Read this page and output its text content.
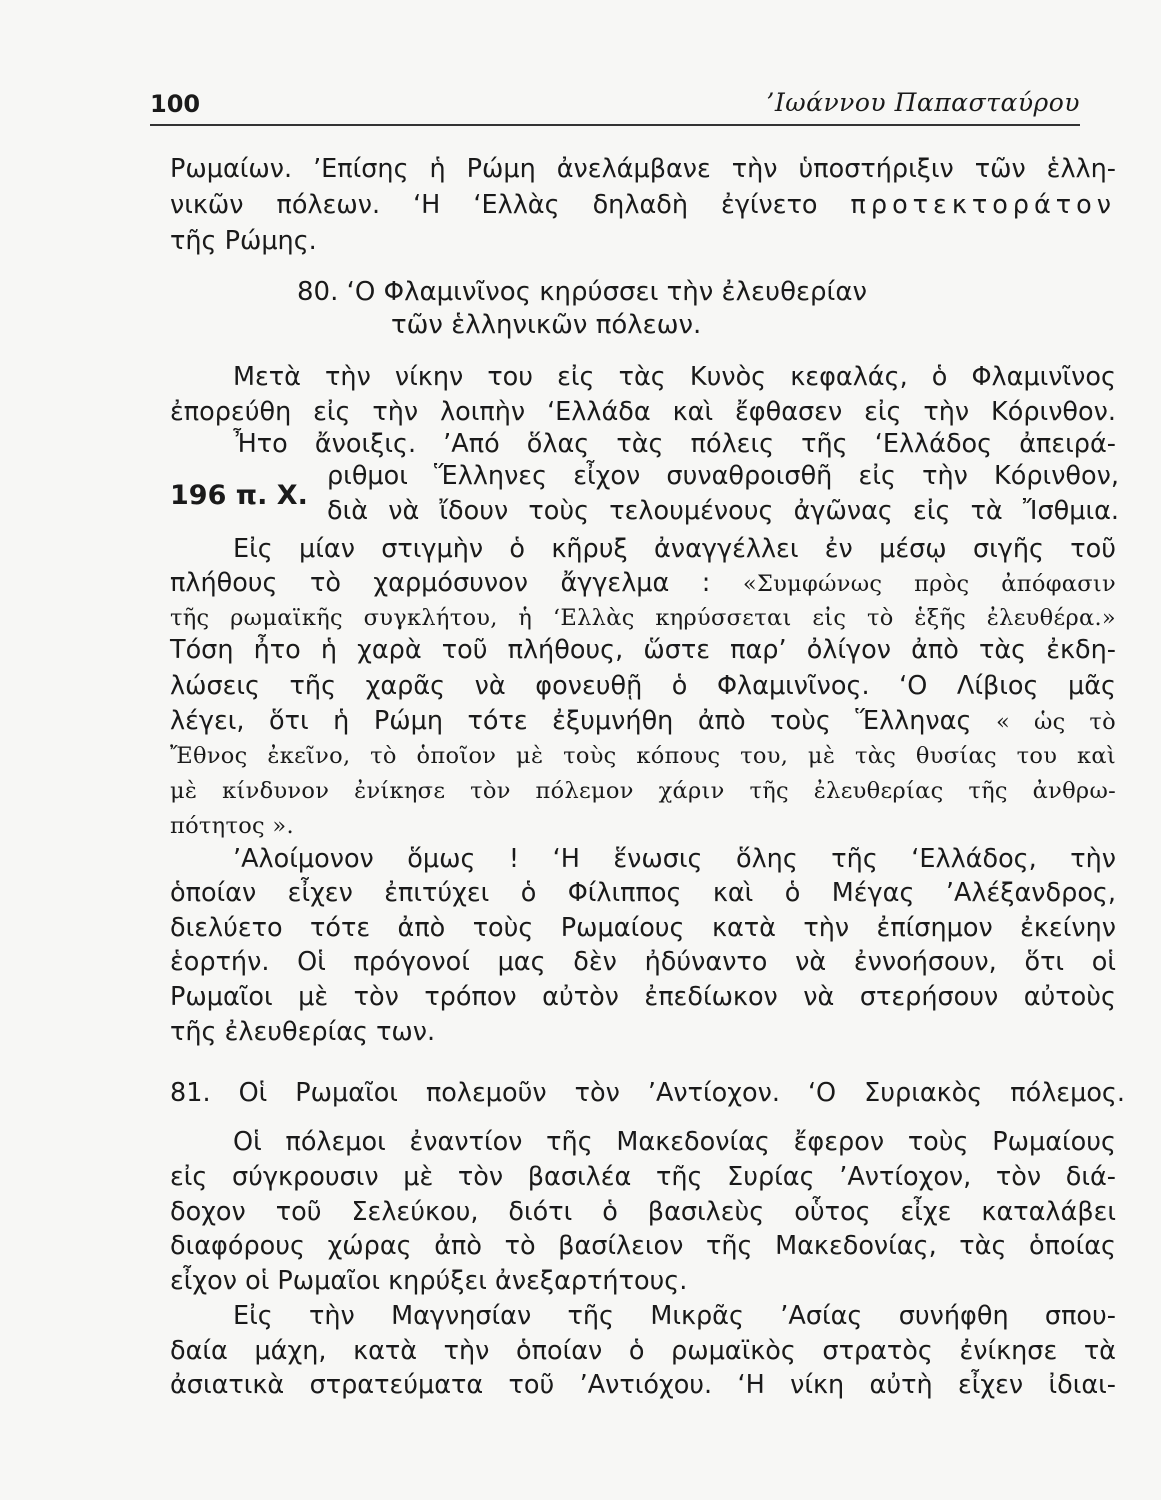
100	’Ιωάννου Παπασταύρου
196 π. Χ.
Ρωμαίων. ’Επίσης ἡ Ρώμη ἀνελάμβανε τὴν ὑποστήριξιν τῶν ἑλλη-
νικῶν πόλεων. ‘Η ‘Ελλὰς δηλαδὴ ἐγίνετο προτεκτοράτον
τῆς Ρώμης.
80. ‘Ο Φλαμινῖνος κηρύσσει τὴν ἐλευθερίαν
τῶν ἑλληνικῶν πόλεων.
Μετὰ τὴν νίκην του εἰς τὰς Κυνὸς κεφαλάς, ὁ Φλαμινῖνος
ἐπορεύθη εἰς τὴν λοιπὴν ‘Ελλάδα καὶ ἔφθασεν εἰς τὴν Κόρινθον.
Ἦτο ἄνοιξις. ’Από ὅλας τὰς πόλεις τῆς ‘Ελλάδος ἀπειρά-
ριθμοι Ἕλληνες εἶχον συναθροισθῆ εἰς τὴν Κόρινθον,
διὰ νὰ ἴδουν τοὺς τελουμένους ἀγῶνας εἰς τὰ Ἴσθμια.
Εἰς μίαν στιγμὴν ὁ κῆρυξ ἀναγγέλλει ἐν μέσῳ σιγῆς τοῦ
πλήθους τὸ χαρμόσυνον ἄγγελμα : «Συμφώνως πρὸς ἀπόφασιν
τῆς ρωμαϊκῆς συγκλήτου, ἡ ‘Ελλὰς κηρύσσεται εἰς τὸ ἑξῆς ἐλευθέρα.»
Τόση ἦτο ἡ χαρὰ τοῦ πλήθους, ὥστε παρ’ ὀλίγον ἀπὸ τὰς ἐκδη-
λώσεις τῆς χαρᾶς νὰ φονευθῇ ὁ Φλαμινῖνος. ‘Ο Λίβιος μᾶς
λέγει, ὅτι ἡ Ρώμη τότε ἐξυμνήθη ἀπὸ τοὺς Ἕλληνας « ὡς τὸ
Ἔθνος ἐκεῖνο, τὸ ὁποῖον μὲ τοὺς κόπους του, μὲ τὰς θυσίας του καὶ
μὲ κίνδυνον ἐνίκησε τὸν πόλεμον χάριν τῆς ἐλευθερίας τῆς ἀνθρω-
πότητος ».
’Αλοίμονον ὅμως ! ‘Η ἕνωσις ὅλης τῆς ‘Ελλάδος, τὴν
ὁποίαν εἶχεν ἐπιτύχει ὁ Φίλιππος καὶ ὁ Μέγας ’Αλέξανδρος,
διελύετο τότε ἀπὸ τοὺς Ρωμαίους κατὰ τὴν ἐπίσημον ἐκείνην
ἑορτήν. Οἱ πρόγονοί μας δὲν ἠδύναντο νὰ ἐννοήσουν, ὅτι οἱ
Ρωμαῖοι μὲ τὸν τρόπον αὐτὸν ἐπεδίωκον νὰ στερήσουν αὐτοὺς
τῆς ἐλευθερίας των.
81. Οἱ Ρωμαῖοι πολεμοῦν τὸν ’Αντίοχον. ‘Ο Συριακὸς πόλεμος.
Οἱ πόλεμοι ἐναντίον τῆς Μακεδονίας ἔφερον τοὺς Ρωμαίους
εἰς σύγκρουσιν μὲ τὸν βασιλέα τῆς Συρίας ’Αντίοχον, τὸν διά-
δοχον τοῦ Σελεύκου, διότι ὁ βασιλεὺς οὗτος εἶχε καταλάβει
διαφόρους χώρας ἀπὸ τὸ βασίλειον τῆς Μακεδονίας, τὰς ὁποίας
εἶχον οἱ Ρωμαῖοι κηρύξει ἀνεξαρτήτους.
Εἰς τὴν Μαγνησίαν τῆς Μικρᾶς ’Ασίας συνήφθη σπου-
δαία μάχη, κατὰ τὴν ὁποίαν ὁ ρωμαϊκὸς στρατὸς ἐνίκησε τὰ
ἀσιατικὰ στρατεύματα τοῦ ’Αντιόχου. ‘Η νίκη αὐτὴ εἶχεν ἰδιαι-
